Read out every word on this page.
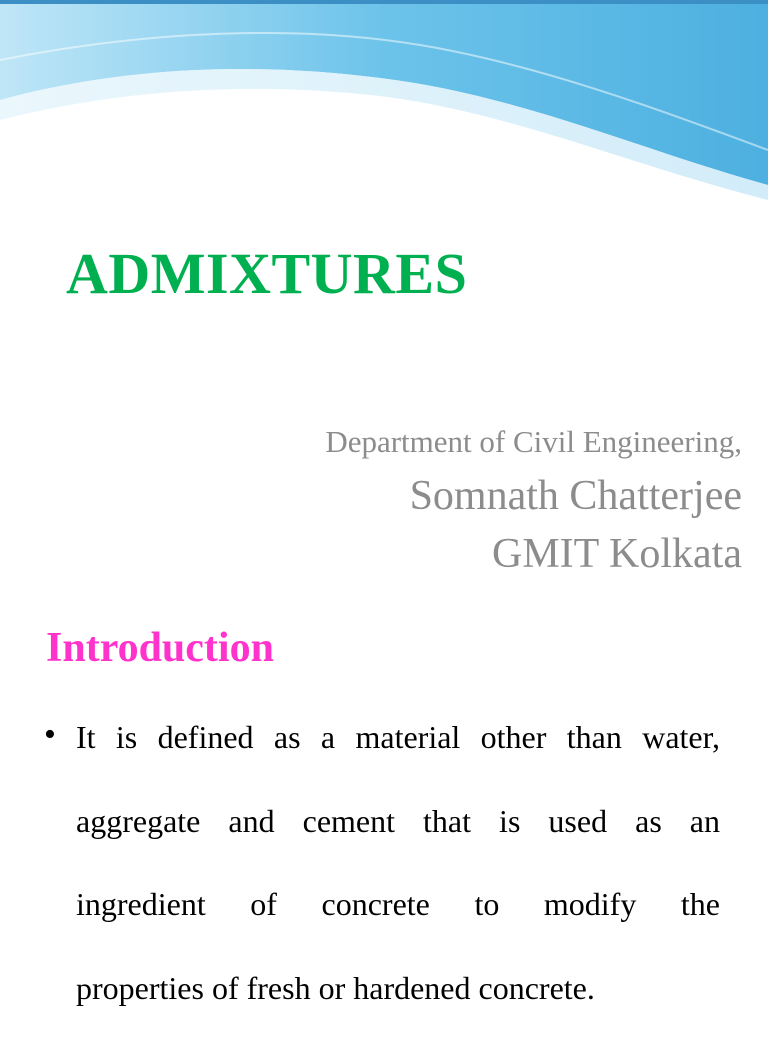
ADMIXTURES
Department of Civil Engineering,
Somnath Chatterjee
GMIT Kolkata
Introduction
• It is defined as a material other than water,
aggregate and cement that is used as an
ingredient of concrete to modify the
properties of fresh or hardened concrete.
